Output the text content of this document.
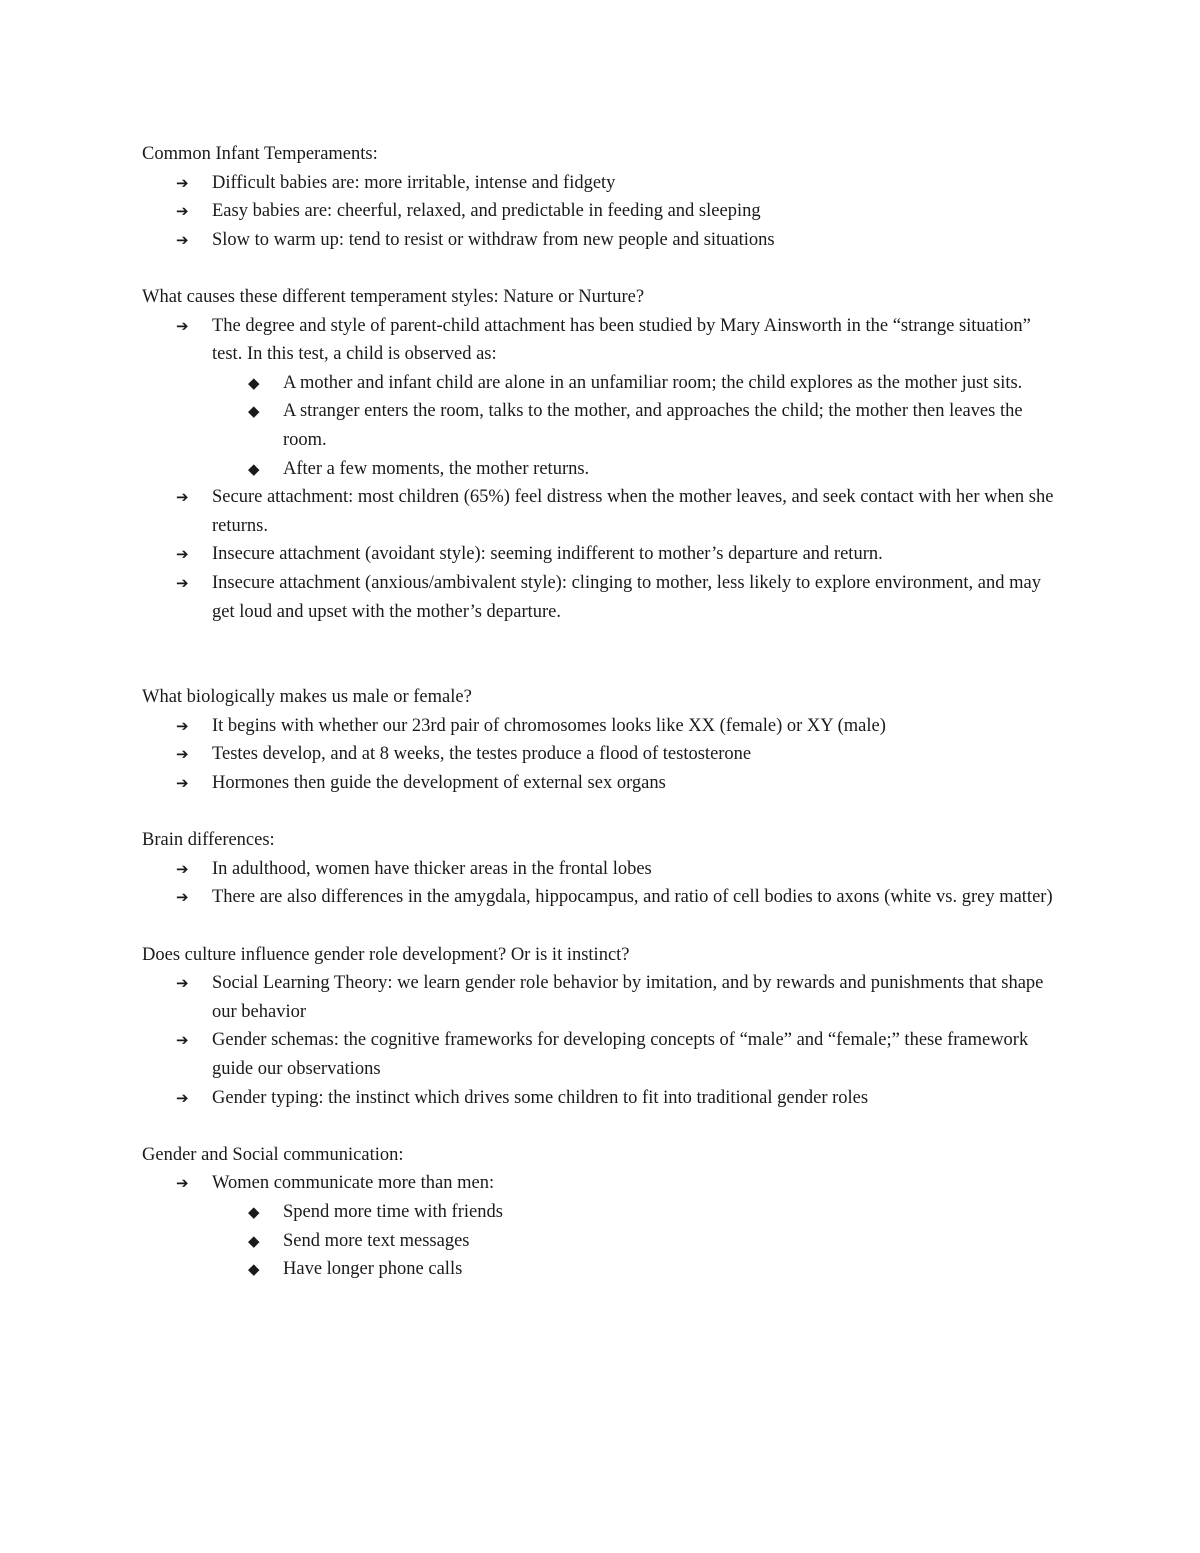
Common Infant Temperaments:

➔ Difficult babies are: more irritable, intense and fidgety
➔ Easy babies are: cheerful, relaxed, and predictable in feeding and sleeping
➔ Slow to warm up: tend to resist or withdraw from new people and situations

What causes these different temperament styles: Nature or Nurture?

➔ The degree and style of parent-child attachment has been studied by Mary Ainsworth in the “strange situation” test. In this test, a child is observed as:
◆ A mother and infant child are alone in an unfamiliar room; the child explores as the mother just sits.
◆ A stranger enters the room, talks to the mother, and approaches the child; the mother then leaves the room.
◆ After a few moments, the mother returns.
➔ Secure attachment: most children (65%) feel distress when the mother leaves, and seek contact with her when she returns.
➔ Insecure attachment (avoidant style): seeming indifferent to mother’s departure and return.
➔ Insecure attachment (anxious/ambivalent style): clinging to mother, less likely to explore environment, and may get loud and upset with the mother’s departure.

What biologically makes us male or female?

➔ It begins with whether our 23rd pair of chromosomes looks like XX (female) or XY (male)
➔ Testes develop, and at 8 weeks, the testes produce a flood of testosterone
➔ Hormones then guide the development of external sex organs

Brain differences:

➔ In adulthood, women have thicker areas in the frontal lobes
➔ There are also differences in the amygdala, hippocampus, and ratio of cell bodies to axons (white vs. grey matter)

Does culture influence gender role development? Or is it instinct?

➔ Social Learning Theory: we learn gender role behavior by imitation, and by rewards and punishments that shape our behavior
➔ Gender schemas: the cognitive frameworks for developing concepts of “male” and “female;” these framework guide our observations
➔ Gender typing: the instinct which drives some children to fit into traditional gender roles

Gender and Social communication:

➔ Women communicate more than men:
◆ Spend more time with friends
◆ Send more text messages
◆ Have longer phone calls
